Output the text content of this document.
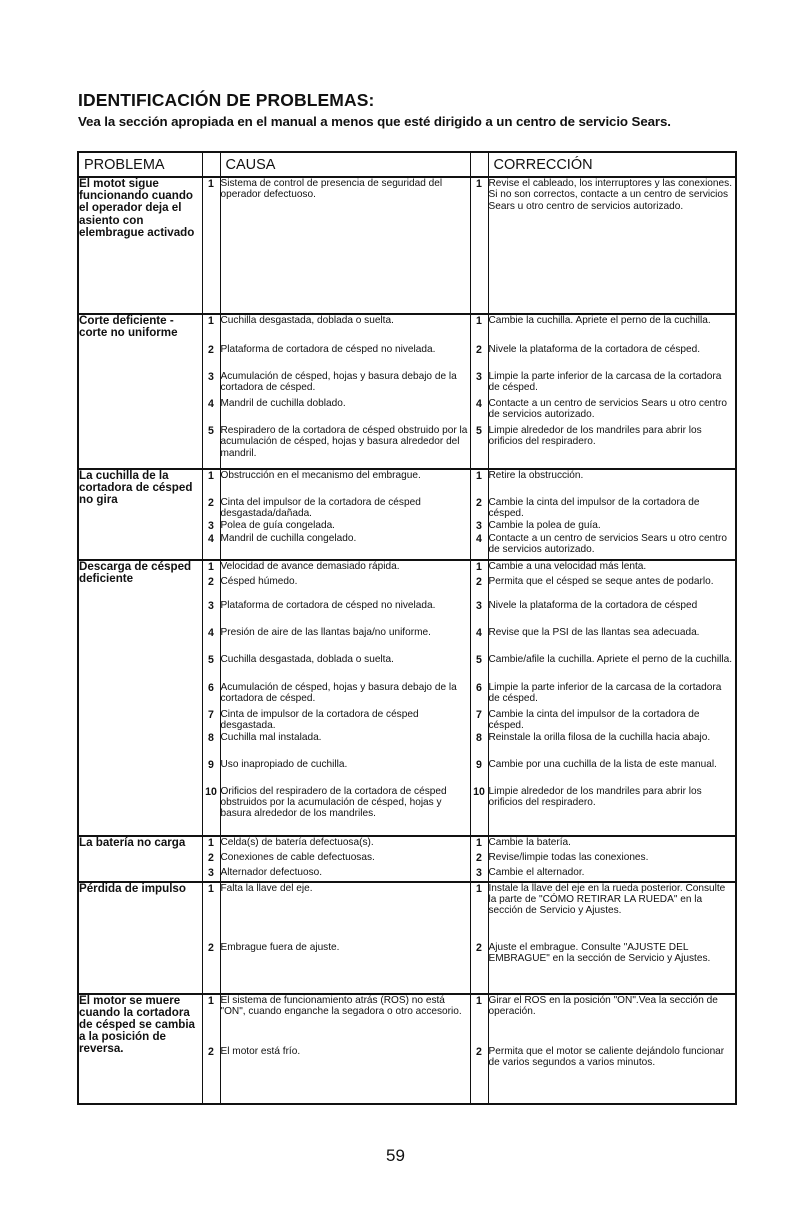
IDENTIFICACIÓN DE PROBLEMAS:
Vea la sección apropiada en el manual a menos que esté dirigido a un centro de servicio Sears.
PROBLEMA		CAUSA		CORRECCIÓN
El motot sigue funcionando cuando el operador deja el asiento con elembrague activado	1	Sistema de control de presencia de seguridad del operador defectuoso.	1	Revise el cableado, los interruptores y las conexiones. Si no son correctos, contacte a un centro de servicios Sears u otro centro de servicios autorizado.

Corte deficiente - corte no uniforme	1	Cuchilla desgastada, doblada o suelta.	1	Cambie la cuchilla. Apriete el perno de la cuchilla.

	2	Plataforma de cortadora de césped no nivelada.	2	Nivele la plataforma de la cortadora de césped.

	3	Acumulación de césped, hojas y basura debajo de la cortadora de césped.	3	Limpie la parte inferior de la carcasa de la cortadora de césped.

	4	Mandril de cuchilla doblado.	4	Contacte a un centro de servicios Sears u otro centro de servicios autorizado.

	5	Respiradero de la cortadora de césped obstruido por la acumulación de césped, hojas y basura alrededor del mandril.	5	Limpie alrededor de los mandriles para abrir los orificios del respiradero.

La cuchilla de la cortadora de césped no gira	1	Obstrucción en el mecanismo del embrague.	1	Retire la obstrucción.

	2	Cinta del impulsor de la cortadora de césped desgastada/dañada.	2	Cambie la cinta del impulsor de la cortadora de césped.

	3	Polea de guía congelada.	3	Cambie la polea de guía.

	4	Mandril de cuchilla congelado.	4	Contacte a un centro de servicios Sears u otro centro de servicios autorizado.

Descarga de césped deficiente	1	Velocidad de avance demasiado rápida.	1	Cambie a una velocidad más lenta.

	2	Césped húmedo.	2	Permita que el césped se seque antes de podarlo.

	3	Plataforma de cortadora de césped no nivelada.	3	Nivele la plataforma de la cortadora de césped

	4	Presión de aire de las llantas baja/no uniforme.	4	Revise que la PSI de las llantas sea adecuada.

	5	Cuchilla desgastada, doblada o suelta.	5	Cambie/afile la cuchilla. Apriete el perno de la cuchilla.

	6	Acumulación de césped, hojas y basura debajo de la cortadora de césped.	6	Limpie la parte inferior de la carcasa de la cortadora de césped.

	7	Cinta de impulsor de la cortadora de césped desgastada.	7	Cambie la cinta del impulsor de la cortadora de césped.

	8	Cuchilla mal instalada.	8	Reinstale la orilla filosa de la cuchilla hacia abajo.

	9	Uso inapropiado de cuchilla.	9	Cambie por una cuchilla de la lista de este manual.

	10	Orificios del respiradero de la cortadora de césped obstruidos por la acumulación de césped, hojas y basura alrededor de los mandriles.	10	Limpie alrededor de los mandriles para abrir los orificios del respiradero.

La batería no carga	1	Celda(s) de batería defectuosa(s).	1	Cambie la batería.

	2	Conexiones de cable defectuosas.	2	Revise/limpie todas las conexiones.

	3	Alternador defectuoso.	3	Cambie el alternador.

Pérdida de impulso	1	Falta la llave del eje.	1	Instale la llave del eje en la rueda posterior. Consulte la parte de "CÓMO RETIRAR LA RUEDA" en la sección de Servicio y Ajustes.

	2	Embrague fuera de ajuste.	2	Ajuste el embrague. Consulte "AJUSTE DEL EMBRAGUE" en la sección de Servicio y Ajustes.

El motor se muere cuando la cortadora de césped se cambia a la posición de reversa.	1	El sistema de funcionamiento atrás (ROS) no está "ON", cuando enganche la segadora o otro accesorio.	1	Girar el ROS en la posición "ON".Vea la sección de operación.

	2	El motor está frío.	2	Permita que el motor se caliente dejándolo funcionar de varios segundos a varios minutos.
59
